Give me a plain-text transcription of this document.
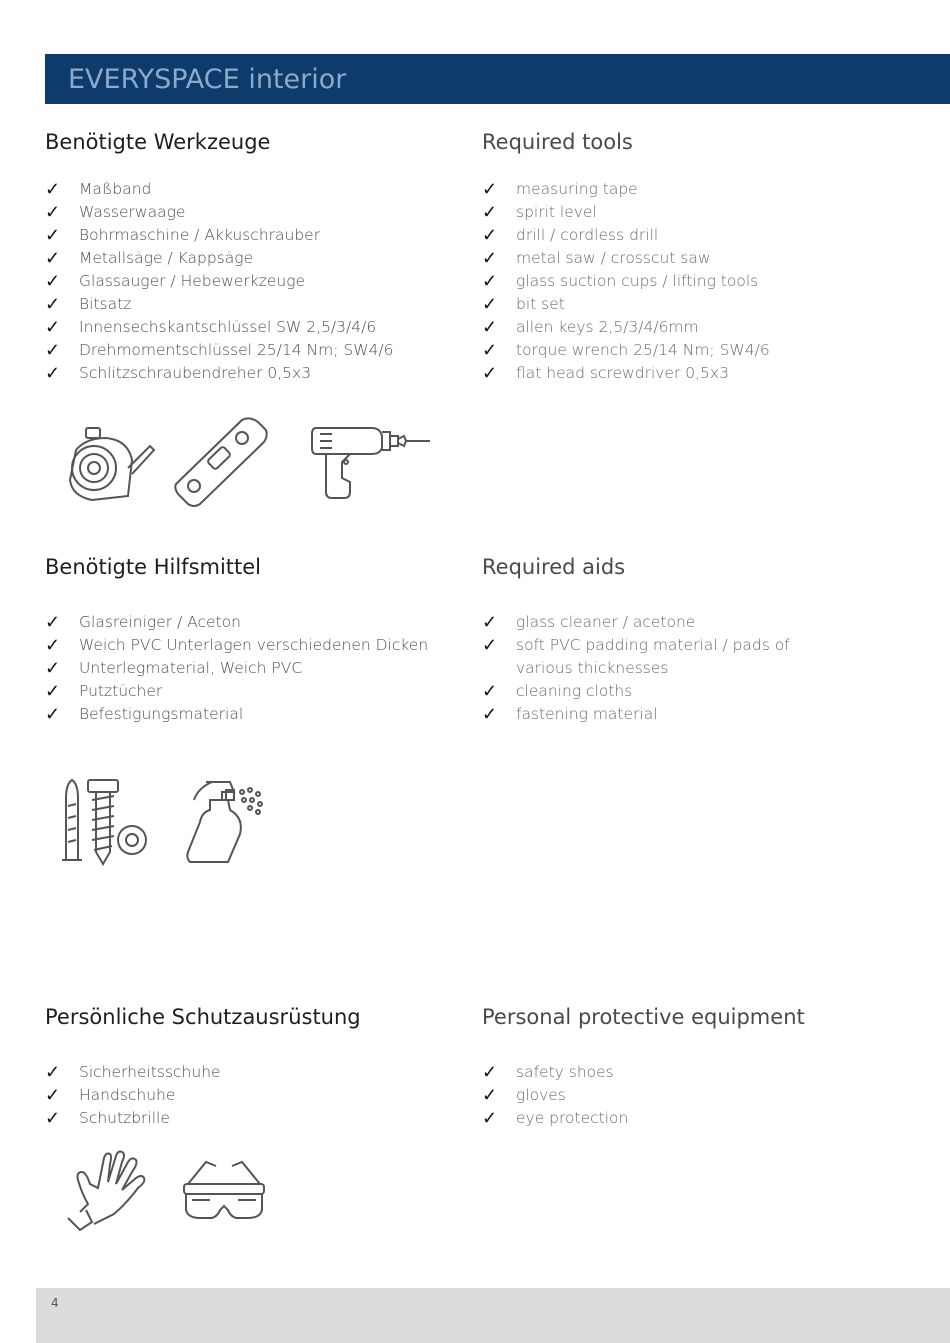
EVERYSPACE interior
Benötigte Werkzeuge	Required tools
✓ Maßband
✓ Wasserwaage
✓ Bohrmaschine / Akkuschrauber
✓ Metallsäge / Kappsäge
✓ Glassauger / Hebewerkzeuge
✓ Bitsatz
✓ Innensechskantschlüssel SW 2,5/3/4/6
✓ Drehmomentschlüssel 25/14 Nm; SW4/6
✓ Schlitzschraubendreher 0,5x3
✓ measuring tape
✓ spirit level
✓ drill / cordless drill
✓ metal saw / crosscut saw
✓ glass suction cups / lifting tools
✓ bit set
✓ allen keys 2,5/3/4/6mm
✓ torque wrench 25/14 Nm; SW4/6
✓ flat head screwdriver 0,5x3
Benötigte Hilfsmittel	Required aids
✓ Glasreiniger / Aceton
✓ Weich PVC Unterlagen verschiedenen Dicken
✓ Unterlegmaterial, Weich PVC
✓ Putztücher
✓ Befestigungsmaterial
✓ glass cleaner / acetone
✓ soft PVC padding material / pads of various thicknesses
✓ cleaning cloths
✓ fastening material
Persönliche Schutzausrüstung	Personal protective equipment
✓ Sicherheitsschuhe
✓ Handschuhe
✓ Schutzbrille
✓ safety shoes
✓ gloves
✓ eye protection
4
